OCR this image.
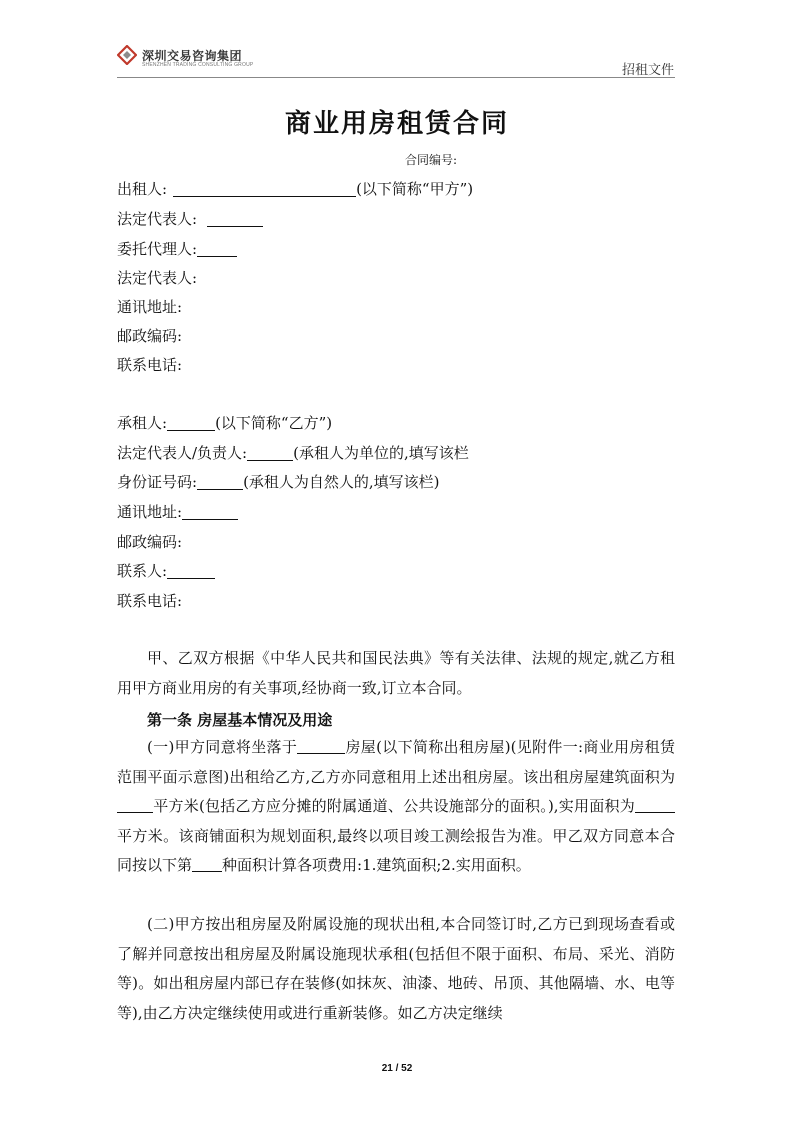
深圳交易咨询集团
SHENZHEN TRADING CONSULTING GROUP	招租文件
商业用房租赁合同
合同编号:
出租人:	(以下简称“甲方”)
法定代表人:
委托代理人:
法定代表人:
通讯地址:
邮政编码:
联系电话:
承租人:	(以下简称“乙方”)
法定代表人/负责人:	(承租人为单位的,填写该栏
身份证号码:	(承租人为自然人的,填写该栏)
通讯地址:
邮政编码:
联系人:
联系电话:
甲、乙双方根据《中华人民共和国民法典》等有关法律、法规的规定,就乙方租用甲方商业用房的有关事项,经协商一致,订立本合同。
第一条 房屋基本情况及用途
(一)甲方同意将坐落于	房屋(以下简称出租房屋)(见附件一:商业用房租赁范围平面示意图)出租给乙方,乙方亦同意租用上述出租房屋。该出租房屋建筑面积为平方米(包括乙方应分摊的附属通道、公共设施部分的面积。),实用面积为平方米。该商铺面积为规划面积,最终以项目竣工测绘报告为准。甲乙双方同意本合同按以下第 种面积计算各项费用:1.建筑面积;2.实用面积。
(二)甲方按出租房屋及附属设施的现状出租,本合同签订时,乙方已到现场查看或了解并同意按出租房屋及附属设施现状承租(包括但不限于面积、布局、采光、消防等)。如出租房屋内部已存在装修(如抹灰、油漆、地砖、吊顶、其他隔墙、水、电等等),由乙方决定继续使用或进行重新装修。如乙方决定继续
21 / 52
